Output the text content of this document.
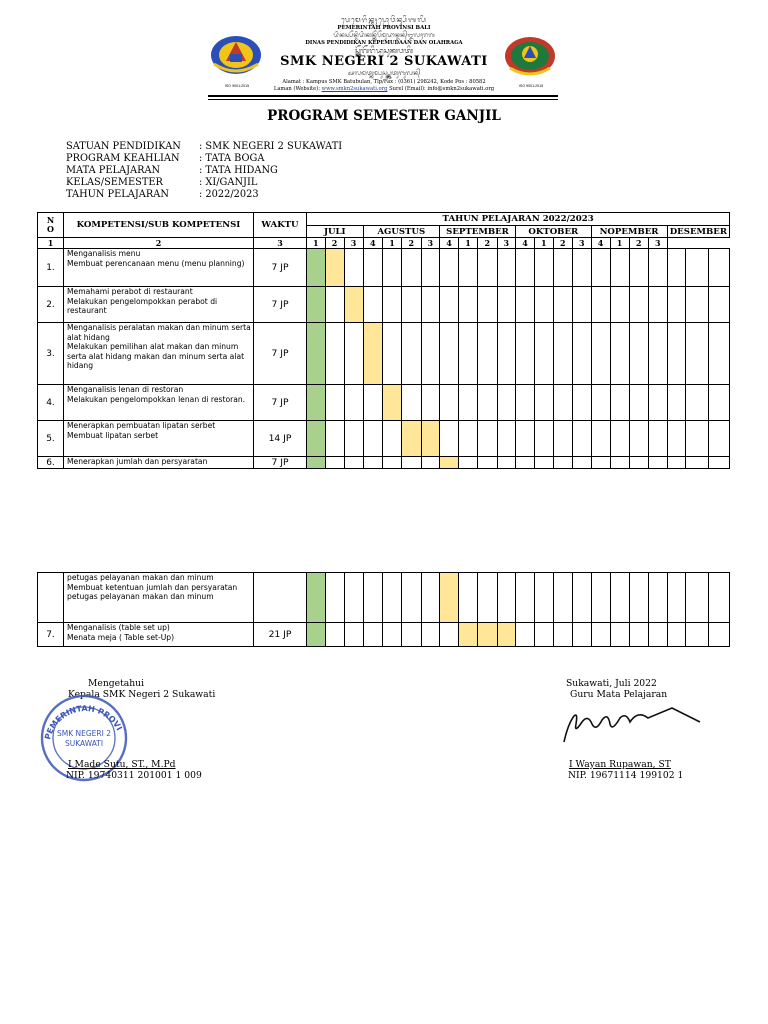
ISO 9001:2015	ISO 9001:2015
ᬧᬾᬫᬾᬭᬶᬦ᭄ᬢᬄᬧ᭄ᬭᭀᬯᬶᬦ᭄ᬲᬶᬩᬮᬶ
PEMERINTAH PROVINSI BALI
ᬤᬶᬦᬲ᭄ᬧᭂᬦ᭄ᬤᬶᬤᬶᬓᬦ᭄ᬓᭂᬧᭂᬫᬸᬤᬵᬦ᭄ᬤᬦ᭄ᬑᬮᬄᬭᬕ
DINAS PENDIDIKAN KEPEMUDAAN DAN OLAHRAGA
ᬲ᭄ᬫ᭄ᬓ᭄ᬦᭂᬕᭂᬭᬶᬤ᭄ᬯᬲᬸᬓᬯᬢᬶ
SMK NEGERI 2 SUKAWATI
ᬅᬮᬫᬢ᭄ᬓᬫ᭄ᬧᬸᬲ᭄ᬲ᭄ᬫ᭄ᬓ᭄ᬩᬢᬸᬩᬸᬮᬦ᭄
Alamat : Kampus SMK Batubulan, Tlp/Fax : (0361) 298242, Kode Pos : 80582
Laman (Website): www.smkn2sukawati.org Surel (Email): info@smkn2sukawati.org
PROGRAM SEMESTER GANJIL
SATUAN PENDIDIKAN	: SMK NEGERI 2 SUKAWATI
PROGRAM KEAHLIAN	: TATA BOGA
MATA PELAJARAN	: TATA HIDANG
KELAS/SEMESTER	: XI/GANJIL
TAHUN PELAJARAN	: 2022/2023
N O	KOMPETENSI/SUB KOMPETENSI	WAKTU	TAHUN PELAJARAN 2022/2023																					
			JULI			AGUSTUS				SEPTEMBER				OKTOBER				NOPEMBER				DESEMBER		
1	2	3	1	2	3	4	1	2	3	4	1	2	3	4	1	2	3	4	1	2	3			
1.	Menganalisis menu
Membuat perencanaan menu (menu planning)	7 JP																						
2.	Memahami perabot di restaurant
Melakukan pengelompokkan perabot di restaurant	7 JP																						
3.	Menganalisis peralatan makan dan minum serta alat hidang
Melakukan pemilihan alat makan dan minum serta alat hidang makan dan minum serta alat hidang	7 JP																						
4.	Menganalisis lenan di restoran
Melakukan pengelompokkan lenan di restoran.	7 JP																						
5.	Menerapkan pembuatan lipatan serbet
Membuat lipatan serbet	14 JP																						
6.	Menerapkan jumlah dan persyaratan	7 JP																						

	petugas pelayanan makan dan minum
Membuat ketentuan jumlah dan persyaratan petugas pelayanan makan dan minum																							

7.	Menganalisis (table set up)
Menata meja ( Table set-Up)	21 JP																						
Mengetahui
Kepala SMK Negeri 2 Sukawati
PEMERINTAH PROVI
SMK NEGERI 2
SUKAWATI
I Made Sutu, ST., M.Pd
NIP. 19740311 201001 1 009
Sukawati, Juli 2022
Guru Mata Pelajaran
I Wayan Rupawan, ST
NIP. 19671114 199102 1
